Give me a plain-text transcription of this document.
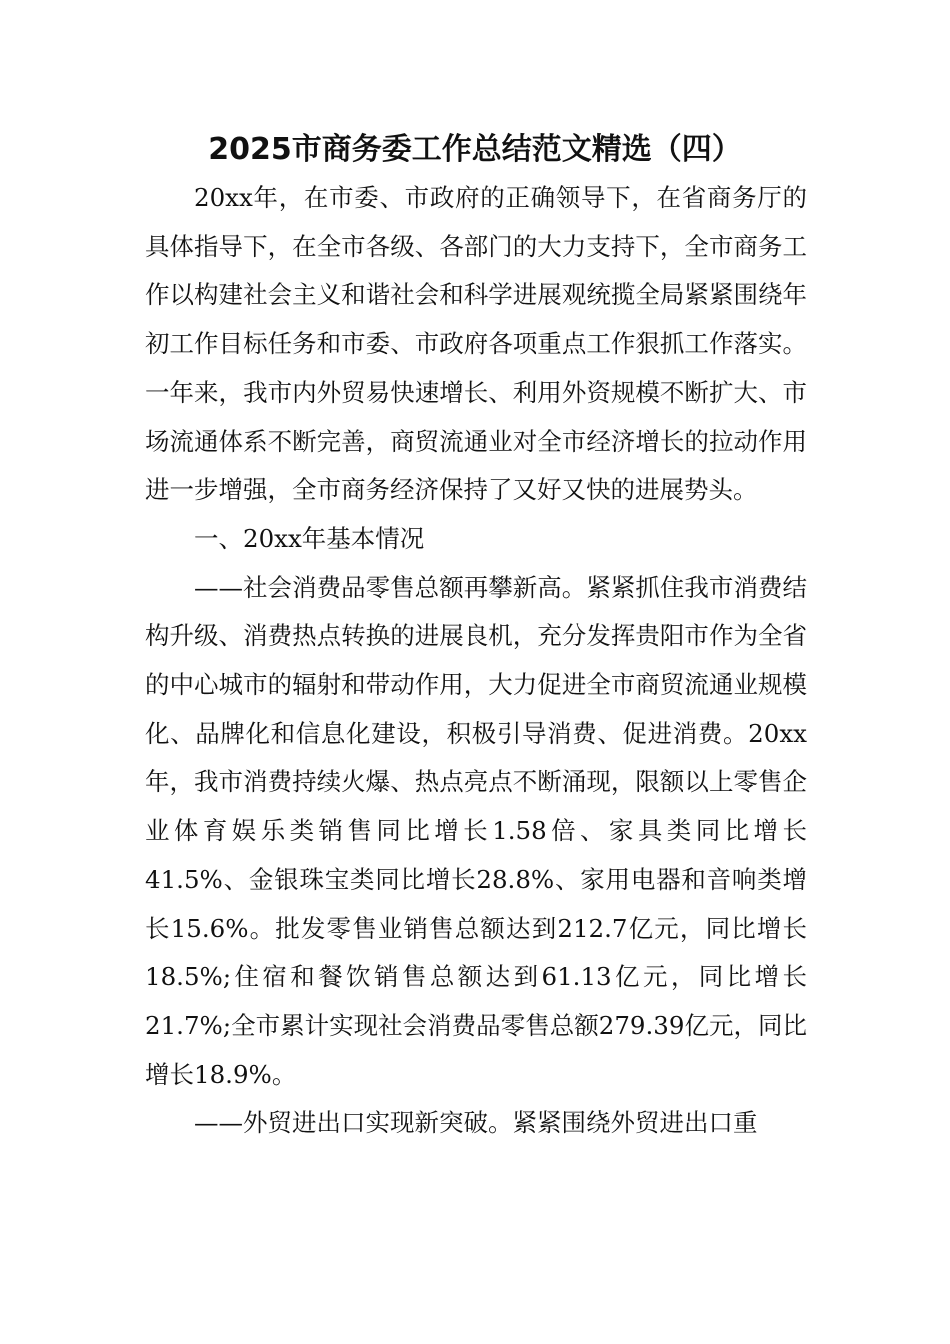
2025市商务委工作总结范文精选（四）

20xx年，在市委、市政府的正确领导下，在省商务厅的具体指导下，在全市各级、各部门的大力支持下，全市商务工作以构建社会主义和谐社会和科学进展观统揽全局紧紧围绕年初工作目标任务和市委、市政府各项重点工作狠抓工作落实。一年来，我市内外贸易快速增长、利用外资规模不断扩大、市场流通体系不断完善，商贸流通业对全市经济增长的拉动作用进一步增强，全市商务经济保持了又好又快的进展势头。

一、20xx年基本情况

——社会消费品零售总额再攀新高。紧紧抓住我市消费结构升级、消费热点转换的进展良机，充分发挥贵阳市作为全省的中心城市的辐射和带动作用，大力促进全市商贸流通业规模化、品牌化和信息化建设，积极引导消费、促进消费。20xx年，我市消费持续火爆、热点亮点不断涌现，限额以上零售企业体育娱乐类销售同比增长1.58倍、家具类同比增长41.5%、金银珠宝类同比增长28.8%、家用电器和音响类增长15.6%。批发零售业销售总额达到212.7亿元，同比增长18.5%;住宿和餐饮销售总额达到61.13亿元，同比增长21.7%;全市累计实现社会消费品零售总额279.39亿元，同比增长18.9%。

——外贸进出口实现新突破。紧紧围绕外贸进出口重
